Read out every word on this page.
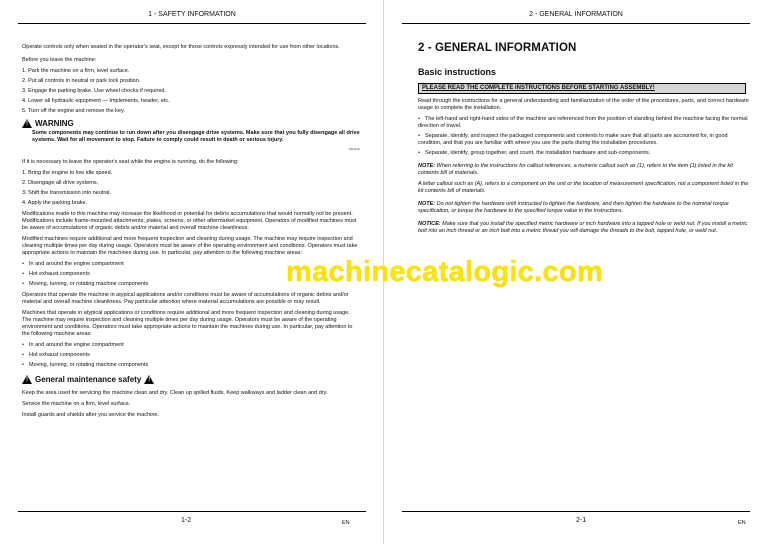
1 - SAFETY INFORMATION

Operate controls only when seated in the operator's seat, except for those controls expressly intended for use from other locations.

Before you leave the machine:

1. Park the machine on a firm, level surface.
2. Put all controls in neutral or park lock position.
3. Engage the parking brake. Use wheel chocks if required.
4. Lower all hydraulic equipment — Implements, header, etc.
5. Turn off the engine and remove the key.
!
WARNING

Some components may continue to run down after you disengage drive systems. Make sure that you fully disengage all drive systems. Wait for all movement to stop. Failure to comply could result in death or serious injury.

W0113A

If it is necessary to leave the operator's seat while the engine is running, do the following:

1. Bring the engine to low idle speed.
2. Disengage all drive systems.
3. Shift the transmission into neutral.
4. Apply the parking brake.

Modifications made to this machine may increase the likelihood or potential for debris accumulations that would normally not be present. Modifications include frame-mounted attachments, plates, screens, or other aftermarket equipment. Operators of modified machines must be aware of accumulations of organic debris and/or material and overall machine cleanliness.

Modified machines require additional and more frequent inspection and cleaning during usage. The machine may require inspection and cleaning multiple times per day during usage. Operators must be aware of the operating environment and conditions. Operators must take appropriate actions to maintain the machines during use. In particular, pay attention to the following machine areas:

• In and around the engine compartment
• Hot exhaust components
• Moving, turning, or rotating machine components

Operators that operate the machine in atypical applications and/or conditions must be aware of accumulations of organic debris and/or material and overall machine cleanliness. Pay particular attention where material accumulations are possible or may result.

Machines that operate in atypical applications or conditions require additional and more frequent inspection and cleaning during usage. The machine may require inspection and cleaning multiple times per day during usage. Operators must be aware of the operating environment and conditions. Operators must take appropriate actions to maintain the machines during use. In particular, pay attention to the following machine areas:

• In and around the engine compartment
• Hot exhaust components
• Moving, turning, or rotating machine components
!
General maintenance safety
!

Keep the area used for servicing the machine clean and dry. Clean up spilled fluids. Keep walkways and ladder clean and dry.

Service the machine on a firm, level surface.

Install guards and shields after you service the machine.

1-2	EN
2 - GENERAL INFORMATION
2-1	EN
2 - GENERAL INFORMATION
Basic instructions
PLEASE READ THE COMPLETE INSTRUCTIONS BEFORE STARTING ASSEMBLY!

Read through the instructions for a general understanding and familiarization of the order of the procedures, parts, and correct hardware usage to complete the installation.

• The left-hand and right-hand sides of the machine are referenced from the position of standing behind the machine facing the normal direction of travel.
• Separate, identify, and inspect the packaged components and contents to make sure that all parts are accounted for, in good condition, and that you are familiar with where you use the parts during the installation procedures.
• Separate, identify, group together, and count, the installation hardware and sub-components.

NOTE: When referring to the instructions for callout references, a numeric callout such as (1), refers to the item (1) listed in the kit contents bill of materials.

A letter callout such as (A), refers to a component on the unit or the location of measurement specification, not a component listed in the kit contents bill of materials.

NOTE: Do not tighten the hardware until instructed to tighten the hardware, and then tighten the hardware to the nominal torque specification, or torque the hardware to the specified torque value in the instructions.

NOTICE: Make sure that you install the specified metric hardware or inch hardware into a tapped hole or weld nut. If you install a metric bolt into an inch thread or an inch bolt into a metric thread you will damage the threads to the bolt, tapped hole, or weld nut.

machinecatalogic.com
